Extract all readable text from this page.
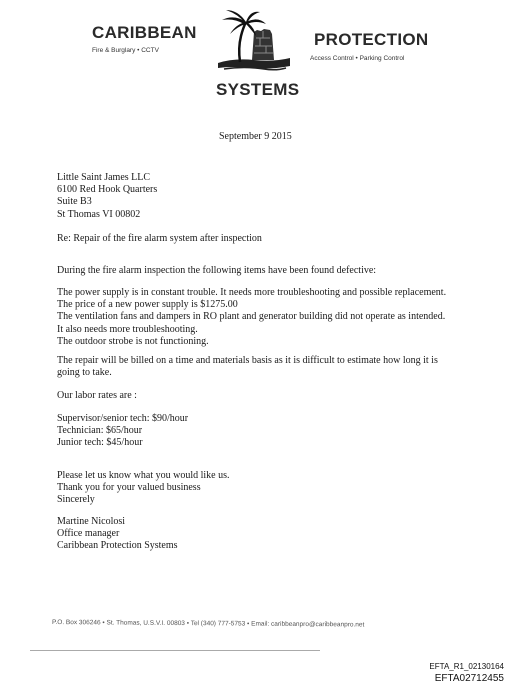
CARIBBEAN
Fire & Burglary • CCTV
PROTECTION
Access Control • Parking Control
SYSTEMS
September 9 2015
Little Saint James LLC
6100 Red Hook Quarters
Suite B3
St Thomas VI 00802
Re: Repair of the fire alarm system after inspection
During the fire alarm inspection the following items have been found defective:
The power supply is in constant trouble. It needs more troubleshooting and possible replacement.
The price of a new power supply is $1275.00
The ventilation fans and dampers in RO plant and generator building did not operate as intended.
It also needs more troubleshooting.
The outdoor strobe is not functioning.
The repair will be billed on a time and materials basis as it is difficult to estimate how long it is
going to take.
Our labor rates are :
Supervisor/senior tech: $90/hour
Technician: $65/hour
Junior tech: $45/hour
Please let us know what you would like us.
Thank you for your valued business
Sincerely
Martine Nicolosi
Office manager
Caribbean Protection Systems
P.O. Box 306246 • St. Thomas, U.S.V.I. 00803 • Tel (340) 777-5753 • Email: caribbeanpro@caribbeanpro.net
EFTA_R1_02130164
EFTA02712455
